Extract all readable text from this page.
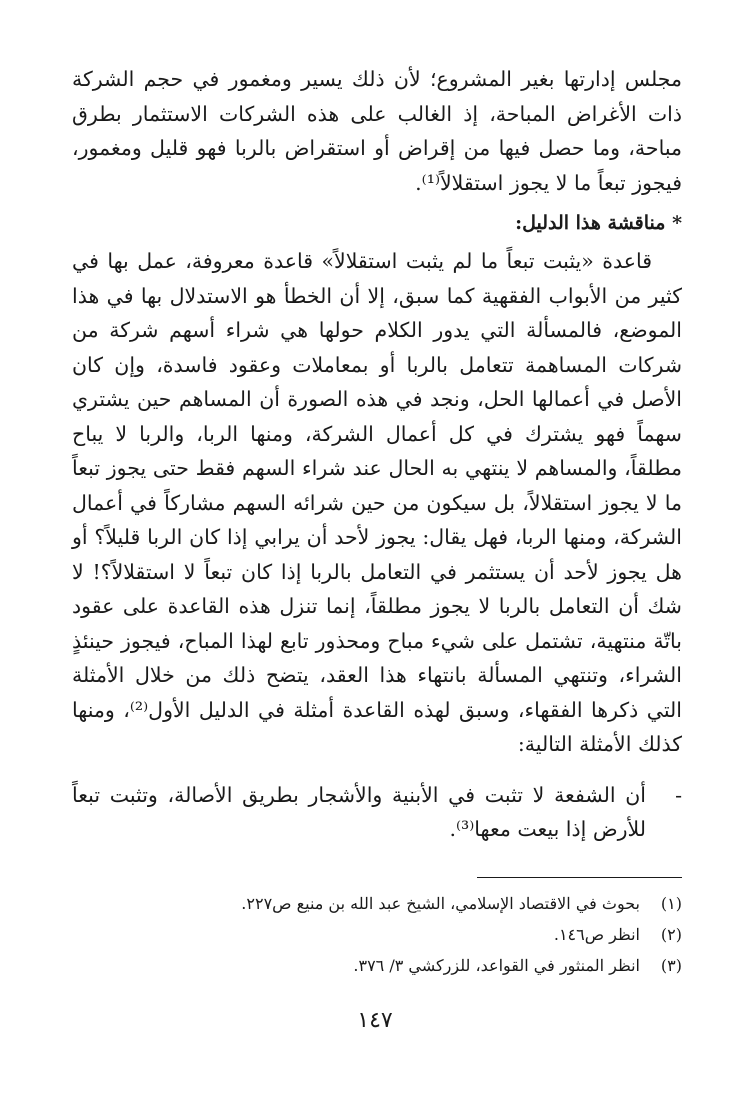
مجلس إدارتها بغير المشروع؛ لأن ذلك يسير ومغمور في حجم الشركة ذات الأغراض المباحة، إذ الغالب على هذه الشركات الاستثمار بطرق مباحة، وما حصل فيها من إقراض أو استقراض بالربا فهو قليل ومغمور، فيجوز تبعاً ما لا يجوز استقلالاً⁽¹⁾.

* مناقشة هذا الدليل:

قاعدة «يثبت تبعاً ما لم يثبت استقلالاً» قاعدة معروفة، عمل بها في كثير من الأبواب الفقهية كما سبق، إلا أن الخطأ هو الاستدلال بها في هذا الموضع، فالمسألة التي يدور الكلام حولها هي شراء أسهم شركة من شركات المساهمة تتعامل بالربا أو بمعاملات وعقود فاسدة، وإن كان الأصل في أعمالها الحل، ونجد في هذه الصورة أن المساهم حين يشتري سهماً فهو يشترك في كل أعمال الشركة، ومنها الربا، والربا لا يباح مطلقاً، والمساهم لا ينتهي به الحال عند شراء السهم فقط حتى يجوز تبعاً ما لا يجوز استقلالاً، بل سيكون من حين شرائه السهم مشاركاً في أعمال الشركة، ومنها الربا، فهل يقال: يجوز لأحد أن يرابي إذا كان الربا قليلاً؟ أو هل يجوز لأحد أن يستثمر في التعامل بالربا إذا كان تبعاً لا استقلالاً؟! لا شك أن التعامل بالربا لا يجوز مطلقاً، إنما تنزل هذه القاعدة على عقود باتّة منتهية، تشتمل على شيء مباح ومحذور تابع لهذا المباح، فيجوز حينئذٍ الشراء، وتنتهي المسألة بانتهاء هذا العقد، يتضح ذلك من خلال الأمثلة التي ذكرها الفقهاء، وسبق لهذه القاعدة أمثلة في الدليل الأول⁽²⁾، ومنها كذلك الأمثلة التالية:

-
أن الشفعة لا تثبت في الأبنية والأشجار بطريق الأصالة، وتثبت تبعاً للأرض إذا بيعت معها⁽³⁾.
(١)
بحوث في الاقتصاد الإسلامي، الشيخ عبد الله بن منيع ص٢٢٧.
(٢)
انظر ص١٤٦.
(٣)
انظر المنثور في القواعد، للزركشي ٣/ ٣٧٦.
١٤٧
